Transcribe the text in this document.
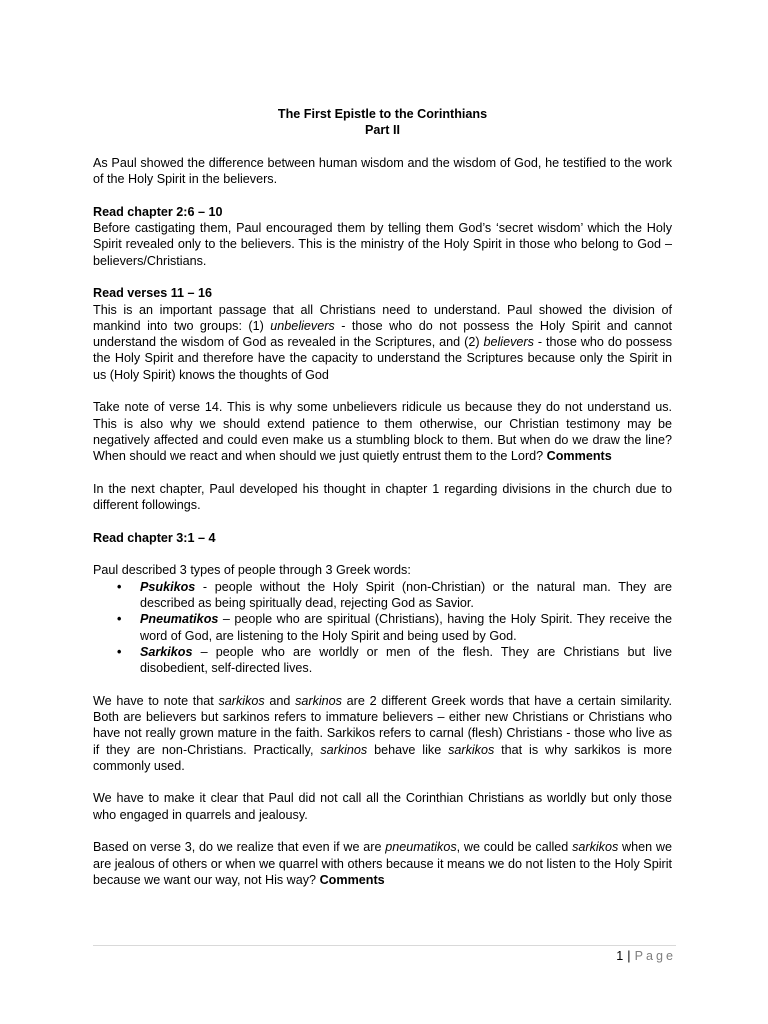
The First Epistle to the Corinthians
Part II

As Paul showed the difference between human wisdom and the wisdom of God, he testified to the work of the Holy Spirit in the believers.

Read chapter 2:6 – 10

Before castigating them, Paul encouraged them by telling them God’s ‘secret wisdom’ which the Holy Spirit revealed only to the believers. This is the ministry of the Holy Spirit in those who belong to God – believers/Christians.

Read verses 11 – 16

This is an important passage that all Christians need to understand. Paul showed the division of mankind into two groups: (1) unbelievers - those who do not possess the Holy Spirit and cannot understand the wisdom of God as revealed in the Scriptures, and (2) believers - those who do possess the Holy Spirit and therefore have the capacity to understand the Scriptures because only the Spirit in us (Holy Spirit) knows the thoughts of God

Take note of verse 14. This is why some unbelievers ridicule us because they do not understand us. This is also why we should extend patience to them otherwise, our Christian testimony may be negatively affected and could even make us a stumbling block to them. But when do we draw the line? When should we react and when should we just quietly entrust them to the Lord? Comments

In the next chapter, Paul developed his thought in chapter 1 regarding divisions in the church due to different followings.

Read chapter 3:1 – 4

Paul described 3 types of people through 3 Greek words:

• Psukikos - people without the Holy Spirit (non-Christian) or the natural man. They are described as being spiritually dead, rejecting God as Savior.
• Pneumatikos – people who are spiritual (Christians), having the Holy Spirit. They receive the word of God, are listening to the Holy Spirit and being used by God.
• Sarkikos – people who are worldly or men of the flesh. They are Christians but live disobedient, self-directed lives.

We have to note that sarkikos and sarkinos are 2 different Greek words that have a certain similarity. Both are believers but sarkinos refers to immature believers – either new Christians or Christians who have not really grown mature in the faith. Sarkikos refers to carnal (flesh) Christians - those who live as if they are non-Christians. Practically, sarkinos behave like sarkikos that is why sarkikos is more commonly used.

We have to make it clear that Paul did not call all the Corinthian Christians as worldly but only those who engaged in quarrels and jealousy.

Based on verse 3, do we realize that even if we are pneumatikos, we could be called sarkikos when we are jealous of others or when we quarrel with others because it means we do not listen to the Holy Spirit because we want our way, not His way? Comments

1 | Page
